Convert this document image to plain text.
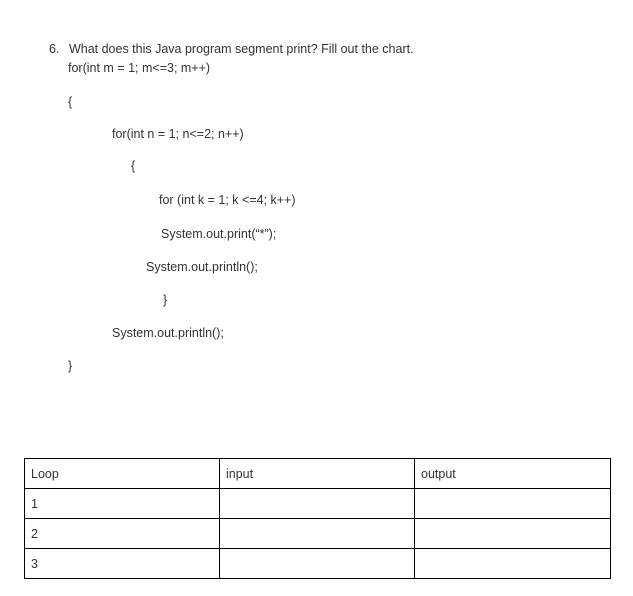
6. What does this Java program segment print? Fill out the chart.

for(int m = 1; m<=3; m++)
{
for(int n = 1; n<=2; n++)
{
for (int k = 1; k <=4; k++)
System.out.print(“*”);
System.out.println();
}
System.out.println();
}
Loop	input	output
1		
2		
3		
